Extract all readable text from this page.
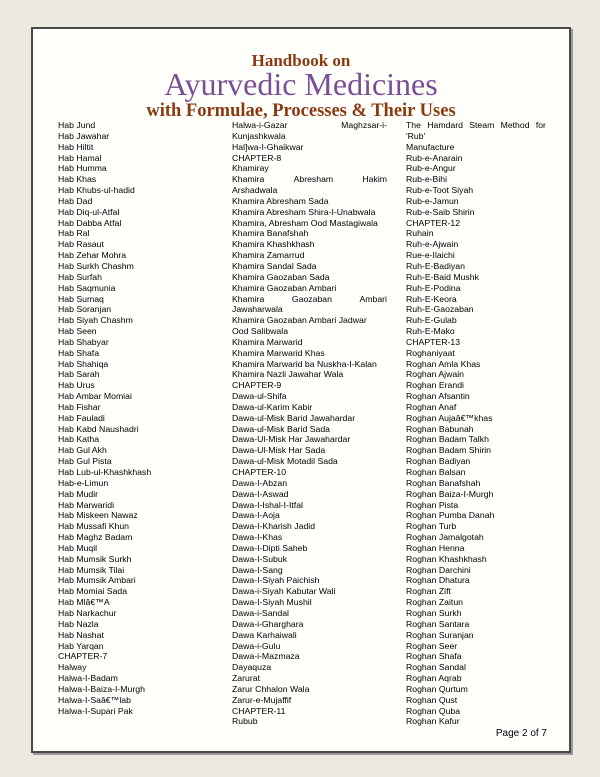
Handbook on
Ayurvedic Medicines
with Formulae, Processes & Their Uses
Hab Jund
Hab Jawahar
Hab Hiltit
Hab Hamal
Hab Humma
Hab Khas
Hab Khubs-ul-hadid
Hab Dad
Hab Diq-ul-Atfal
Hab Dabba Atfal
Hab Ral
Hab Rasaut
Hab Zehar Mohra
Hab Surkh Chashm
Hab Surfah
Hab Saqmunia
Hab Sumaq
Hab Soranjan
Hab Siyah Chashm
Hab Seen
Hab Shabyar
Hab Shafa
Hab Shahiqa
Hab Sarah
Hab Urus
Hab Ambar Momiai
Hab Fishar
Hab Fauladi
Hab Kabd Naushadri
Hab Katha
Hab Gul Akh
Hab Gul Pista
Hab Lub-ul-Khashkhash
Hab-e-Limun
Hab Mudir
Hab Marwaridi
Hab Miskeen Nawaz
Hab Mussafi Khun
Hab Maghz Badam
Hab Muqil
Hab Mumsik Surkh
Hab Mumsik Tilai
Hab Mumsik Ambari
Hab Momiai Sada
Hab Mlâ€™A
Hab Narkachur
Hab Nazla
Hab Nashat
Hab Yarqan
CHAPTER-7
Halway
Halwa-I-Badam
Halwa-I-Baiza-I-Murgh
Halwa-I-Saâ€™lab
Halwa-I-Supari Pak
Halwa-i-Gazar	Maghzsar-i-
Kunjashkwala
Hal]wa-I-Ghaikwar
CHAPTER-8
Khamiray
Khamira	Abresham	Hakim
Arshadwala
Khamira Abresham Sada
Khamira Abresham Shira-I-Unabwala
Khamira, Abresham Ood Mastagiwala
Khamira Banafshah
Khamira Khashkhash
Khamira Zamarrud
Khamira Sandal Sada
Khamira Gaozaban Sada
Khamira Gaozaban Ambari
Khamira	Gaozaban	Ambari
Jawaharwala
Khamira Gaozaban Ambari Jadwar
Ood Salibwala
Khamira Marwarid
Khamira Marwarid Khas
Khamira Marwarid ba Nuskha-I-Kalan
Khamira Nazli Jawahar Wala
CHAPTER-9
Dawa-ul-Shifa
Dawa-ul-Karim Kabir
Dawa-ul-Misk Barid Jawahardar
Dawa-ul-Misk Barid Sada
Dawa-Ul-Misk Har Jawahardar
Dawa-Ul-Misk Har Sada
Dawa-ul-Misk Motadil Sada
CHAPTER-10
Dawa-I-Abzan
Dawa-I-Aswad
Dawa-I-Ishal-I-Itfal
Dawa-I-Aoja
Dawa-I-Kharish Jadid
Dawa-I-Khas
Dawa-I-Dipti Saheb
Dawa-I-Subuk
Dawa-I-Sang
Dawa-I-Siyah Paichish
Dawa-i-Siyah Kabutar Wali
Dawa-I-Siyah Mushil
Dawa-i-Sandal
Dawa-i-Gharghara
Dawa Karhaiwali
Dawa-i-Gulu
Dawa-i-Mazmaza
Dayaquza
Zarurat
Zarur Chhalon Wala
Zarur-e-Mujaffif
CHAPTER-11
Rubub
The Hamdard Steam Method for
'Rub'
Manufacture
Rub-e-Anarain
Rub-e-Angur
Rub-e-Bihi
Rub-e-Toot Siyah
Rub-e-Jamun
Rub-e-Saib Shirin
CHAPTER-12
Ruhain
Ruh-e-Ajwain
Rue-e-Ilaichi
Ruh-E-Badiyan
Ruh-E-Baid Mushk
Ruh-E-Podina
Ruh-E-Keora
Ruh-E-Gaozaban
Ruh-E-Gulab
Ruh-E-Mako
CHAPTER-13
Roghaniyaat
Roghan Amla Khas
Roghan Ajwain
Roghan Erandi
Roghan Afsantin
Roghan Anaf
Roghan Aujaâ€™khas
Roghan Babunah
Roghan Badam Talkh
Roghan Badam Shirin
Roghan Badiyan
Roghan Balsan
Roghan Banafshah
Roghan Baiza-I-Murgh
Roghan Pista
Roghan Pumba Danah
Roghan Turb
Roghan Jamalgotah
Roghan Henna
Roghan Khashkhash
Roghan Darchini
Roghan Dhatura
Roghan Zift
Roghan Zaitun
Roghan Surkh
Roghan Santara
Roghan Suranjan
Roghan Seer
Roghan Shafa
Roghan Sandal
Roghan Aqrab
Roghan Qurtum
Roghan Qust
Roghan Quba
Roghan Kafur
Page 2 of 7
